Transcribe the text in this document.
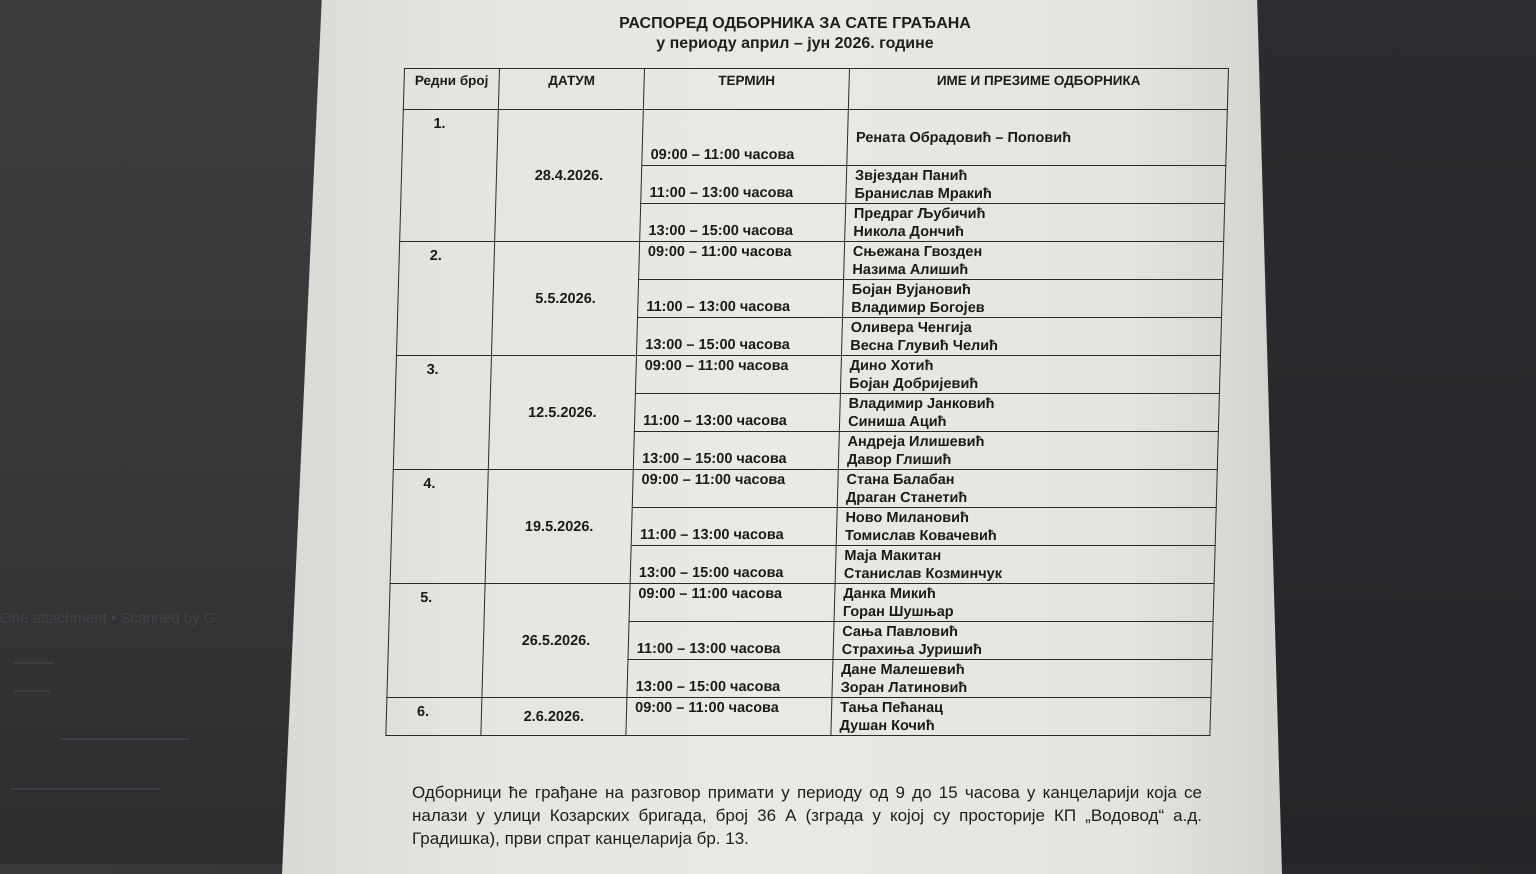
One attachment • Scanned by G
РАСПОРЕД ОДБОРНИКА ЗА САТЕ ГРАЂАНА
у периоду април – јун 2026. године
Редни број	ДАТУМ	ТЕРМИН	ИМЕ И ПРЕЗИМЕ ОДБОРНИКА
1.	28.4.2026.	09:00 – 11:00 часова	Рената Обрадовић – Поповић

		11:00 – 13:00 часова	Звјездан Панић
Бранислав Мракић

		13:00 – 15:00 часова	Предраг Љубичић
Никола Дончић

2.	5.5.2026.	09:00 – 11:00 часова	Сњежана Гвозден
Назима Алишић

		11:00 – 13:00 часова	Бојан Вујановић
Владимир Богојев

		13:00 – 15:00 часова	Оливера Ченгија
Весна Глувић Челић

3.	12.5.2026.	09:00 – 11:00 часова	Дино Хотић
Бојан Добријевић

		11:00 – 13:00 часова	Владимир Јанковић
Синиша Ацић

		13:00 – 15:00 часова	Андреја Илишевић
Давор Глишић

4.	19.5.2026.	09:00 – 11:00 часова	Стана Балабан
Драган Станетић

		11:00 – 13:00 часова	Ново Милановић
Томислав Ковачевић

		13:00 – 15:00 часова	Маја Макитан
Станислав Козминчук

5.	26.5.2026.	09:00 – 11:00 часова	Данка Микић
Горан Шушњар

		11:00 – 13:00 часова	Сања Павловић
Страхиња Јуришић

		13:00 – 15:00 часова	Дане Малешевић
Зоран Латиновић

6.	2.6.2026.	09:00 – 11:00 часова	Тања Пећанац
Душан Кочић
Одборници ће грађане на разговор примати у периоду од 9 до 15 часова у канцеларији која се налази у улици Козарских бригада, број 36 А (зграда у којој су просторије КП „Водовод“ а.д. Градишка), први спрат канцеларија бр. 13.
